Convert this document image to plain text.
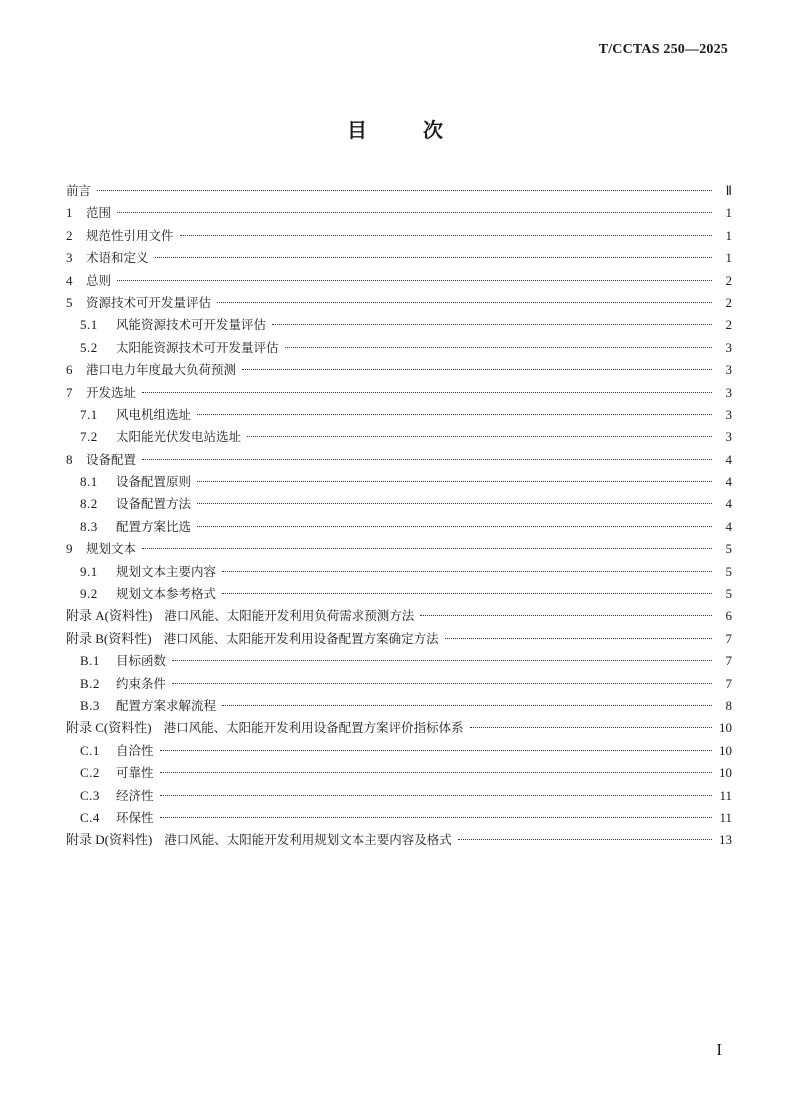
T/CCTAS 250—2025
目	次
前言	Ⅱ
1	范围	1
2	规范性引用文件	1
3	术语和定义	1
4	总则	2
5	资源技术可开发量评估	2
5.1	风能资源技术可开发量评估	2
5.2	太阳能资源技术可开发量评估	3
6	港口电力年度最大负荷预测	3
7	开发选址	3
7.1	风电机组选址	3
7.2	太阳能光伏发电站选址	3
8	设备配置	4
8.1	设备配置原则	4
8.2	设备配置方法	4
8.3	配置方案比选	4
9	规划文本	5
9.1	规划文本主要内容	5
9.2	规划文本参考格式	5
附录 A(资料性) 港口风能、太阳能开发利用负荷需求预测方法	6
附录 B(资料性) 港口风能、太阳能开发利用设备配置方案确定方法	7
B.1	目标函数	7
B.2	约束条件	7
B.3	配置方案求解流程	8
附录 C(资料性) 港口风能、太阳能开发利用设备配置方案评价指标体系	10
C.1	自洽性	10
C.2	可靠性	10
C.3	经济性	11
C.4	环保性	11
附录 D(资料性) 港口风能、太阳能开发利用规划文本主要内容及格式	13
I
